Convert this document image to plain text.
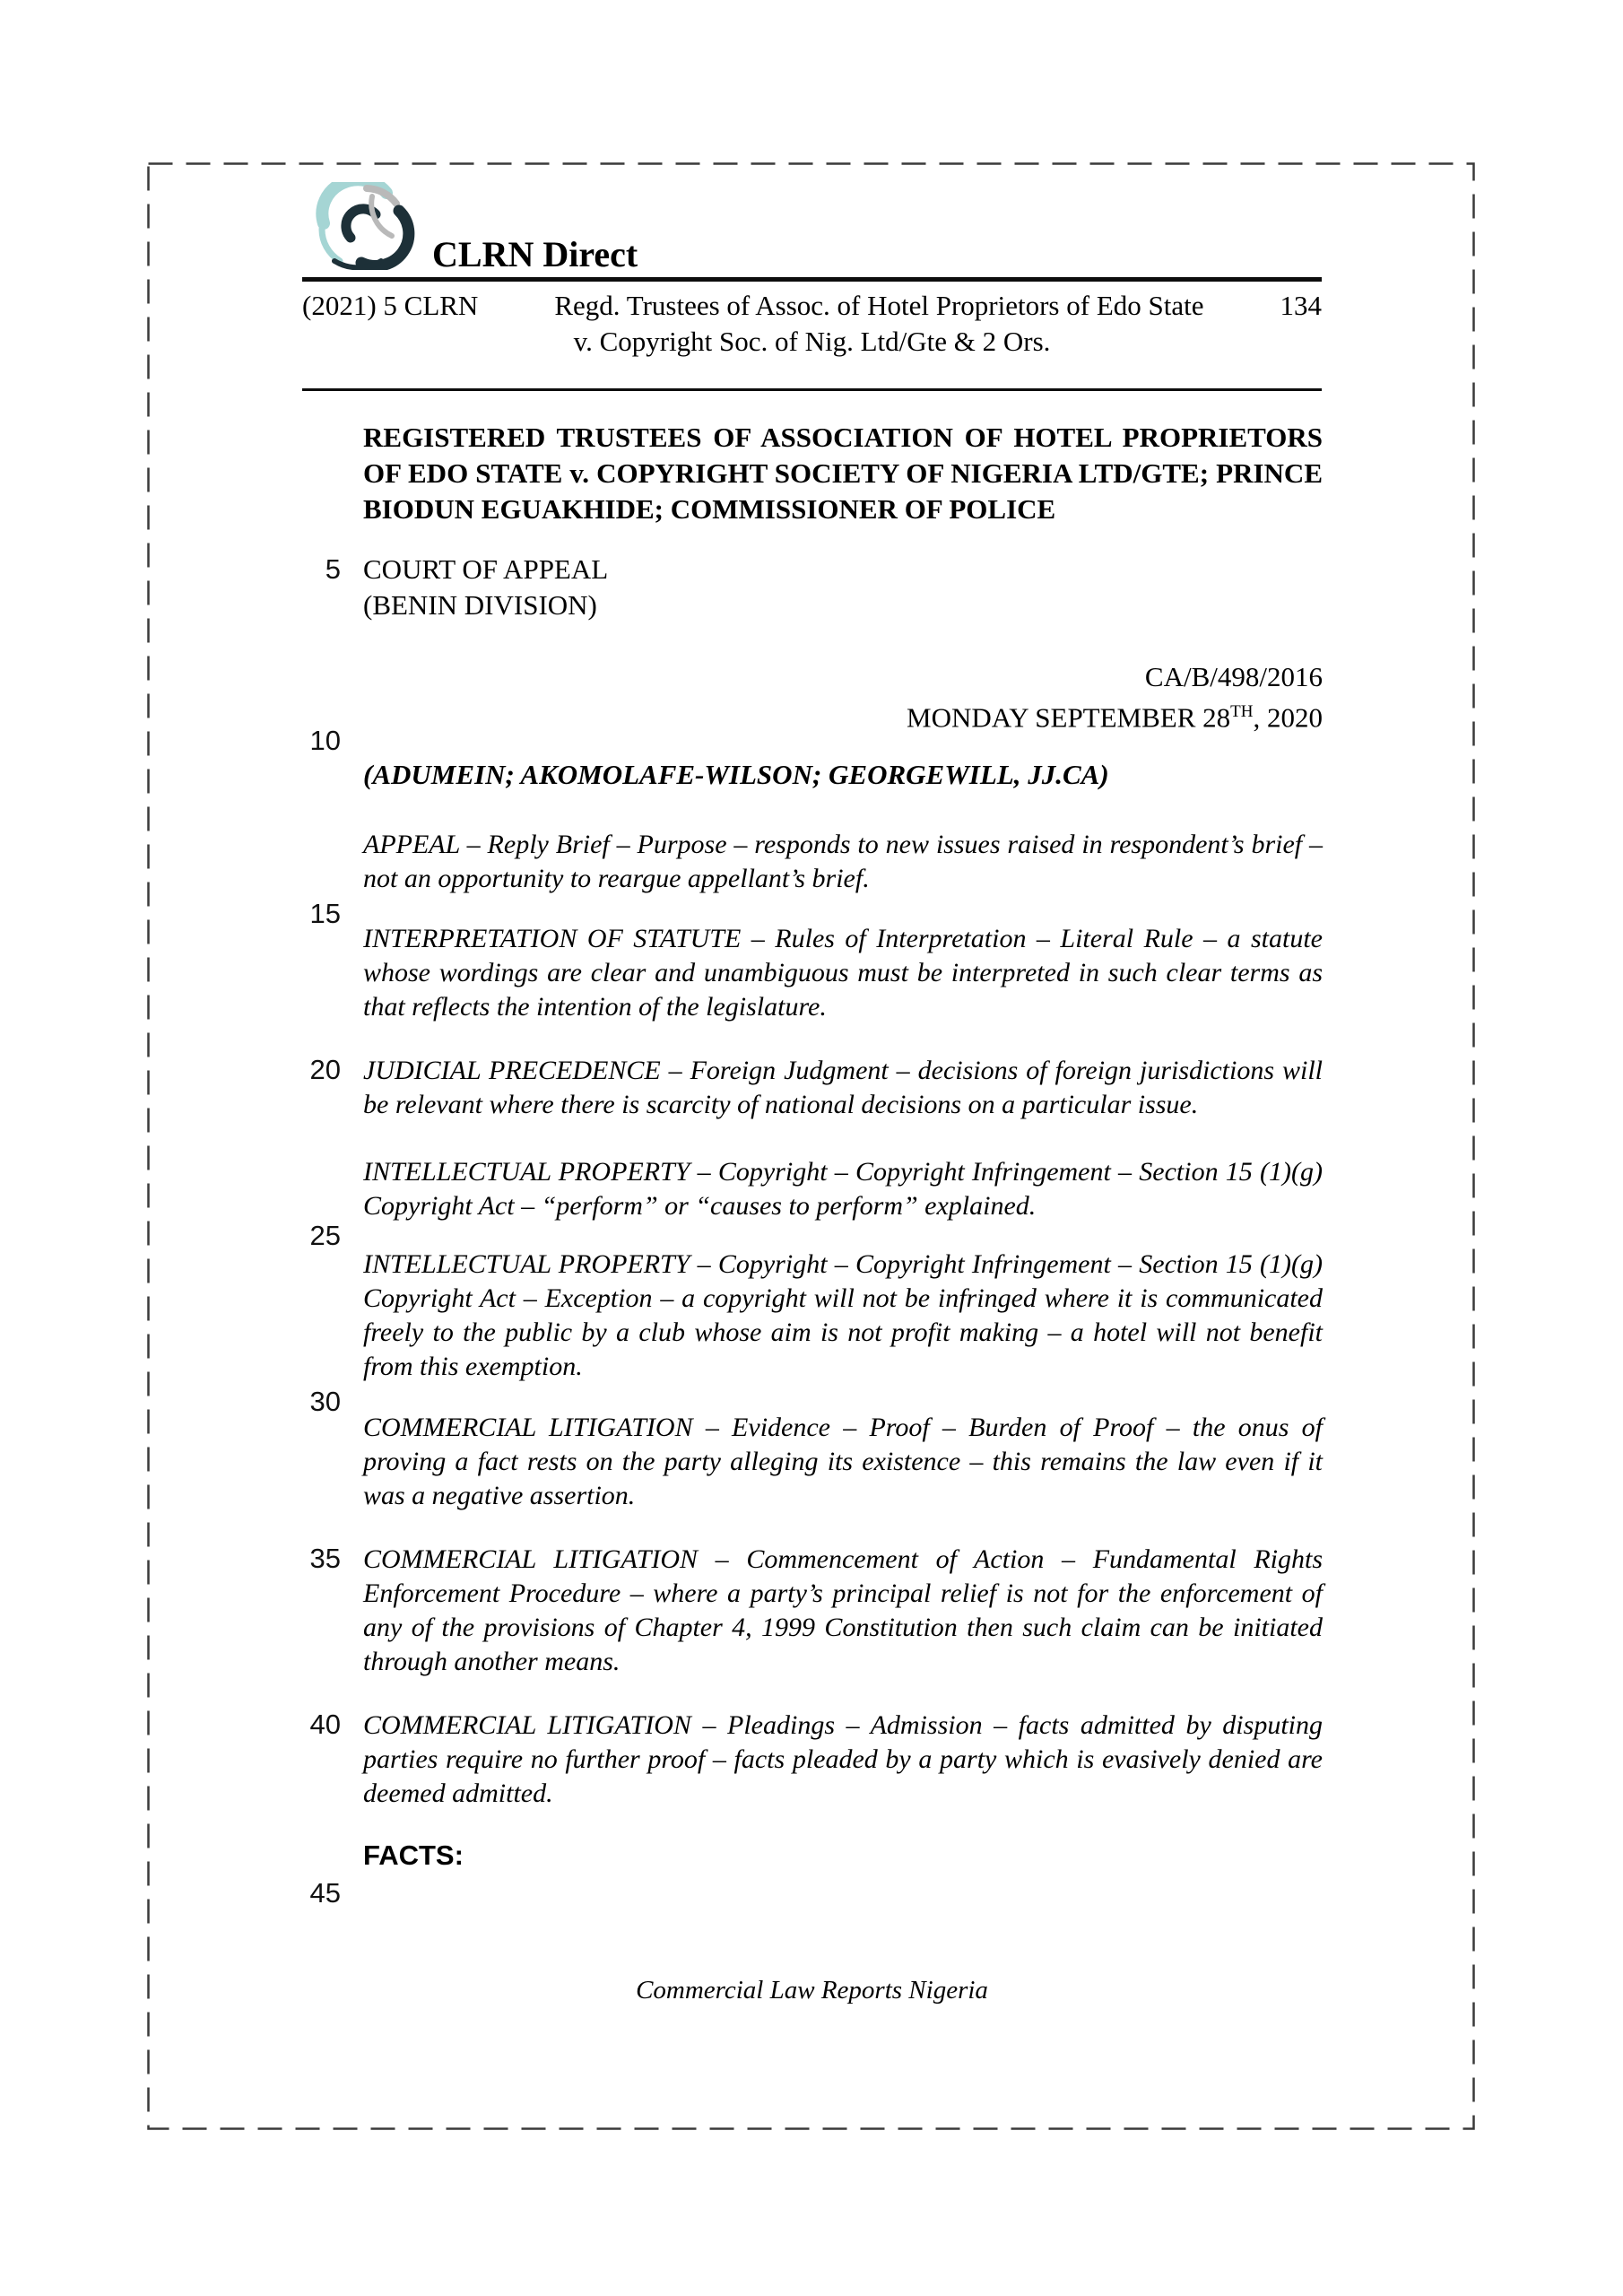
CLRN Direct
(2021) 5 CLRN	Regd. Trustees of Assoc. of Hotel Proprietors of Edo State	134
v. Copyright Soc. of Nig. Ltd/Gte & 2 Ors.
REGISTERED TRUSTEES OF ASSOCIATION OF HOTEL PROPRIETORS
OF EDO STATE v. COPYRIGHT SOCIETY OF NIGERIA LTD/GTE; PRINCE
BIODUN EGUAKHIDE; COMMISSIONER OF POLICE
COURT OF APPEAL
(BENIN DIVISION)
CA/B/498/2016
MONDAY SEPTEMBER 28TH, 2020
(ADUMEIN; AKOMOLAFE-WILSON; GEORGEWILL, JJ.CA)
APPEAL – Reply Brief – Purpose – responds to new issues raised in respondent’s brief – not an opportunity to reargue appellant’s brief.
INTERPRETATION OF STATUTE – Rules of Interpretation – Literal Rule – a statute whose wordings are clear and unambiguous must be interpreted in such clear terms as that reflects the intention of the legislature.
JUDICIAL PRECEDENCE – Foreign Judgment – decisions of foreign jurisdictions will be relevant where there is scarcity of national decisions on a particular issue.
INTELLECTUAL PROPERTY – Copyright – Copyright Infringement – Section 15 (1)(g) Copyright Act – “perform” or “causes to perform” explained.
INTELLECTUAL PROPERTY – Copyright – Copyright Infringement – Section 15 (1)(g) Copyright Act – Exception – a copyright will not be infringed where it is communicated freely to the public by a club whose aim is not profit making – a hotel will not benefit from this exemption.
COMMERCIAL LITIGATION – Evidence – Proof – Burden of Proof – the onus of proving a fact rests on the party alleging its existence – this remains the law even if it was a negative assertion.
COMMERCIAL LITIGATION – Commencement of Action – Fundamental Rights Enforcement Procedure – where a party’s principal relief is not for the enforcement of any of the provisions of Chapter 4, 1999 Constitution then such claim can be initiated through another means.
COMMERCIAL LITIGATION – Pleadings – Admission – facts admitted by disputing parties require no further proof – facts pleaded by a party which is evasively denied are deemed admitted.
FACTS:
5
10
15
20
25
30
35
40
45
Commercial Law Reports Nigeria
